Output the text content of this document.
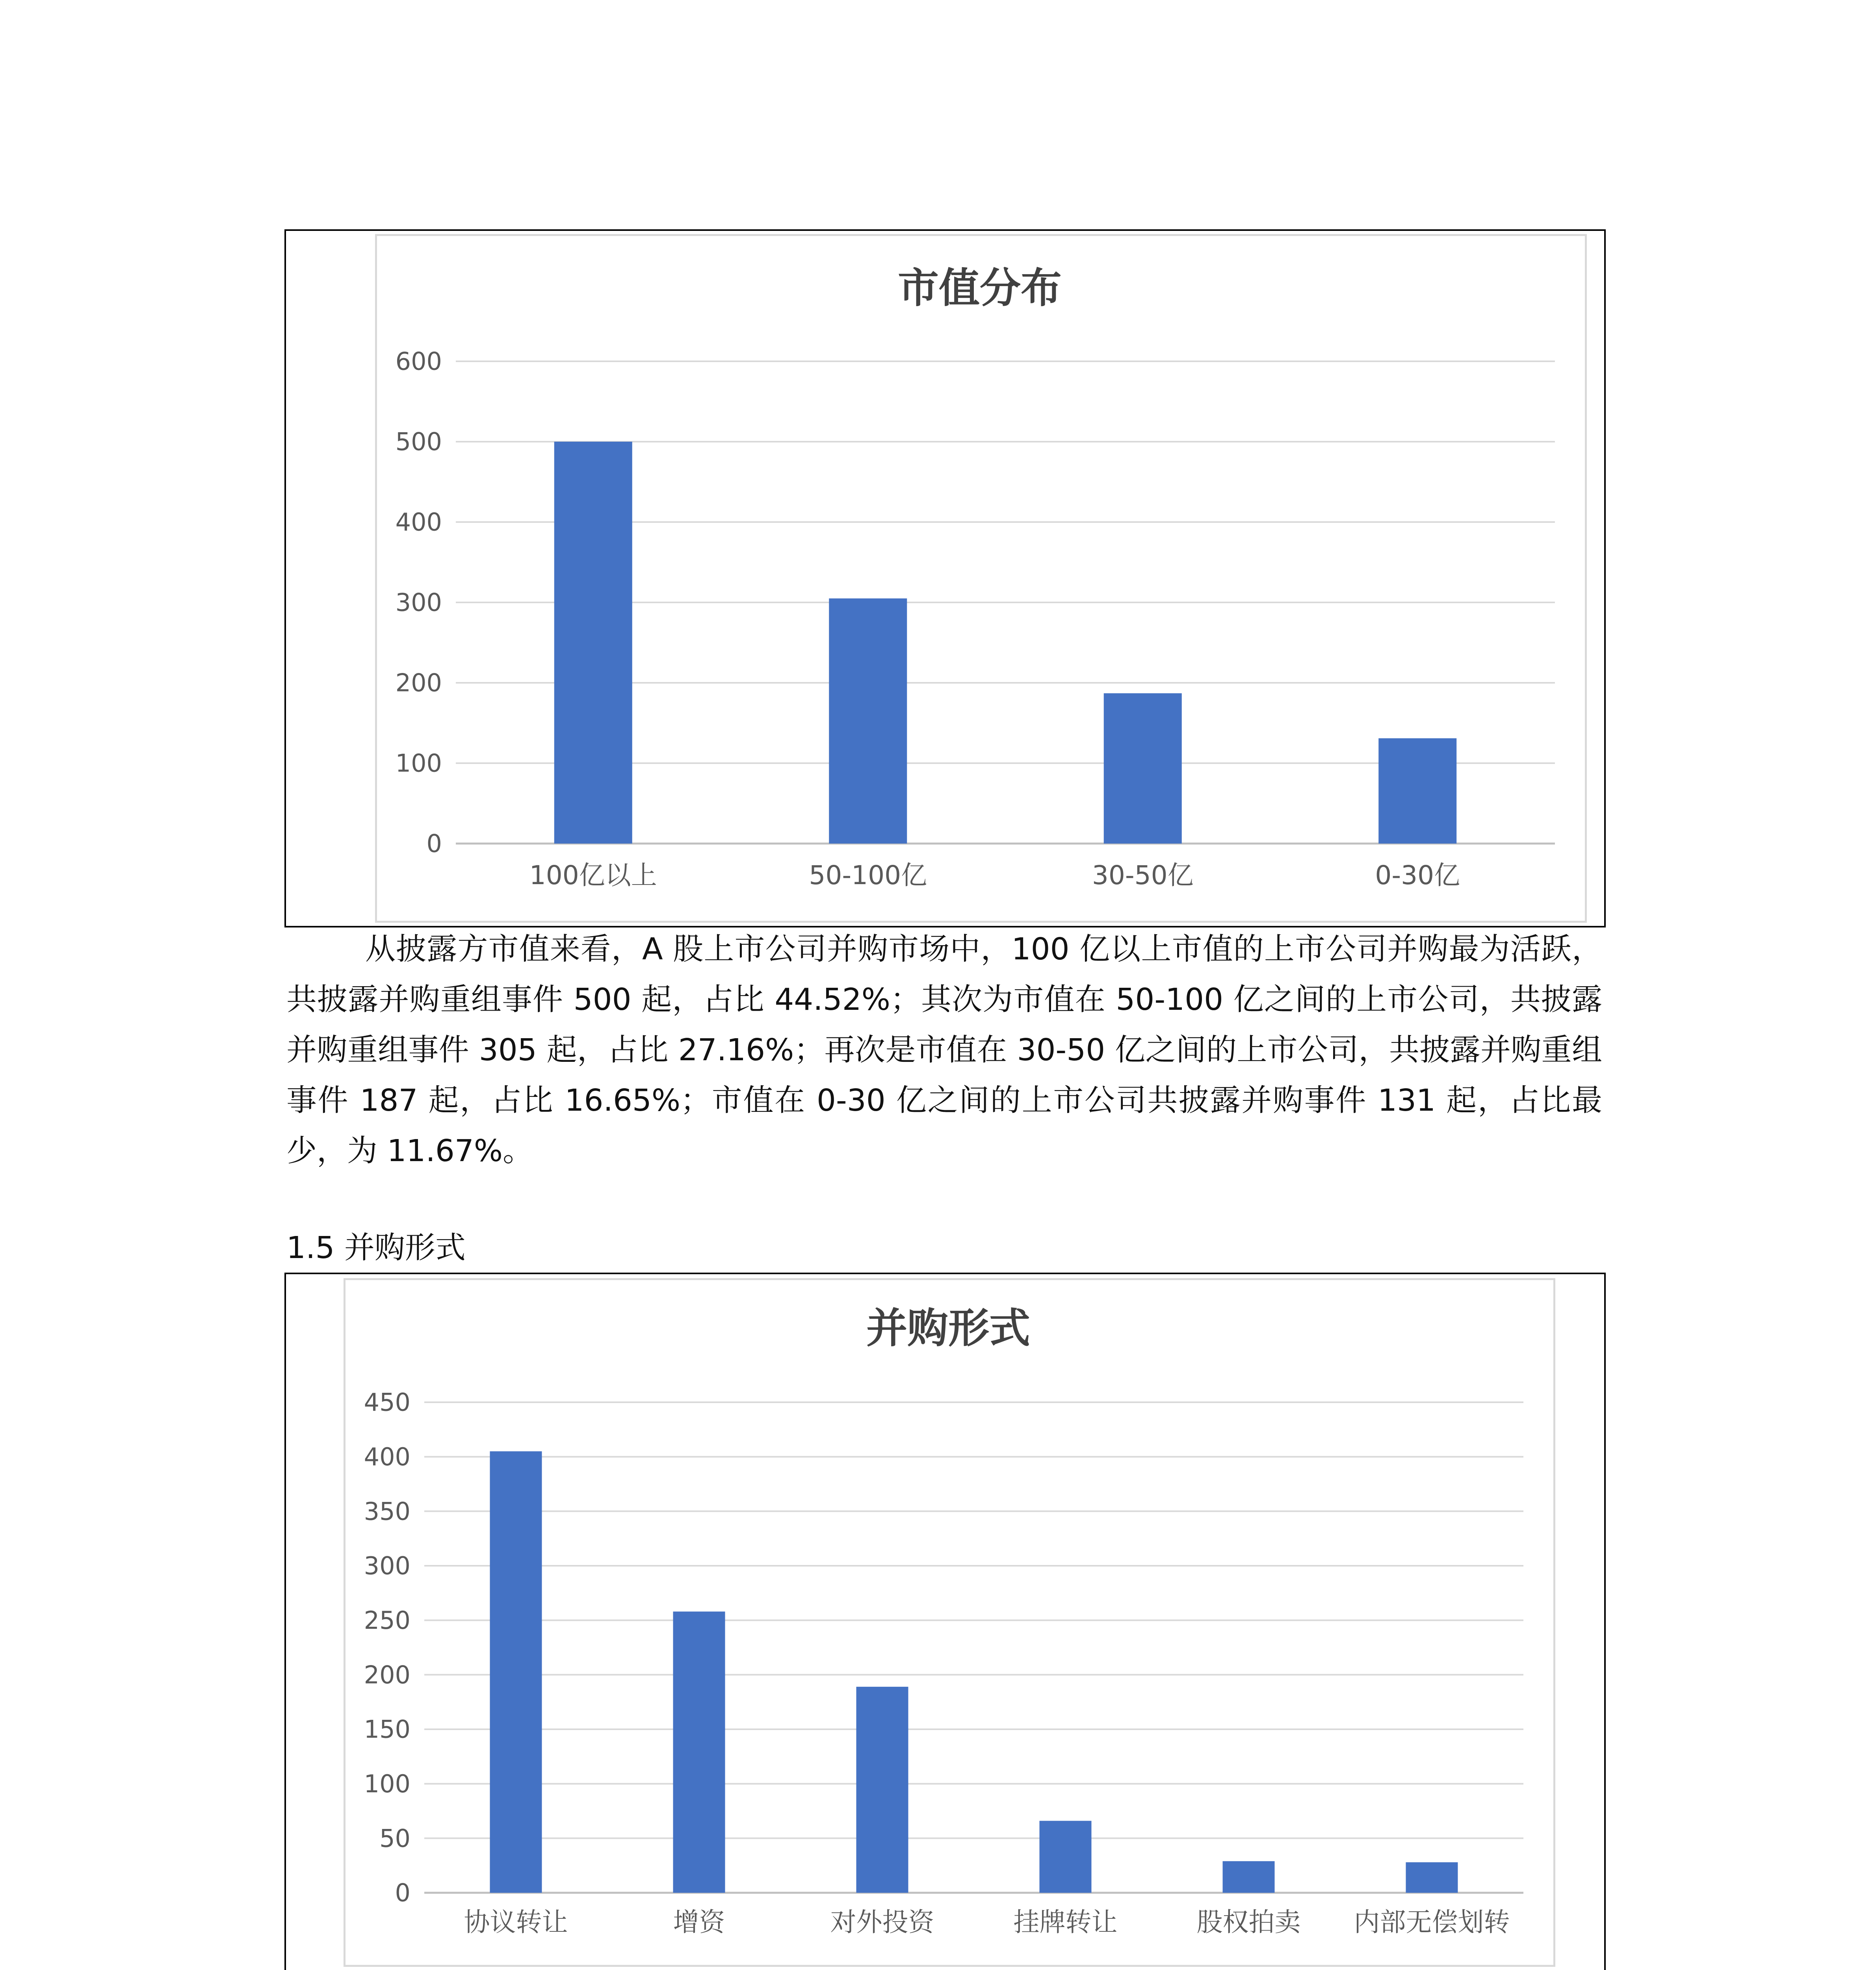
市值分布
0
100
200
300
400
500
600
100亿以上	50-100亿	30-50亿	0-30亿

从披露方市值来看，A 股上市公司并购市场中，100 亿以上市值的上市公司并购最为活跃，共披露并购重组事件 500 起，占比 44.52%；其次为市值在 50-100 亿之间的上市公司，共披露并购重组事件 305 起，占比 27.16%；再次是市值在 30-50 亿之间的上市公司，共披露并购重组事件 187 起，占比 16.65%；市值在 0-30 亿之间的上市公司共披露并购事件 131 起，占比最少，为 11.67%。

1.5 并购形式
并购形式
0
50
100
150
200
250
300
350
400
450
协议转让	增资	对外投资	挂牌转让	股权拍卖 内部无偿划转
